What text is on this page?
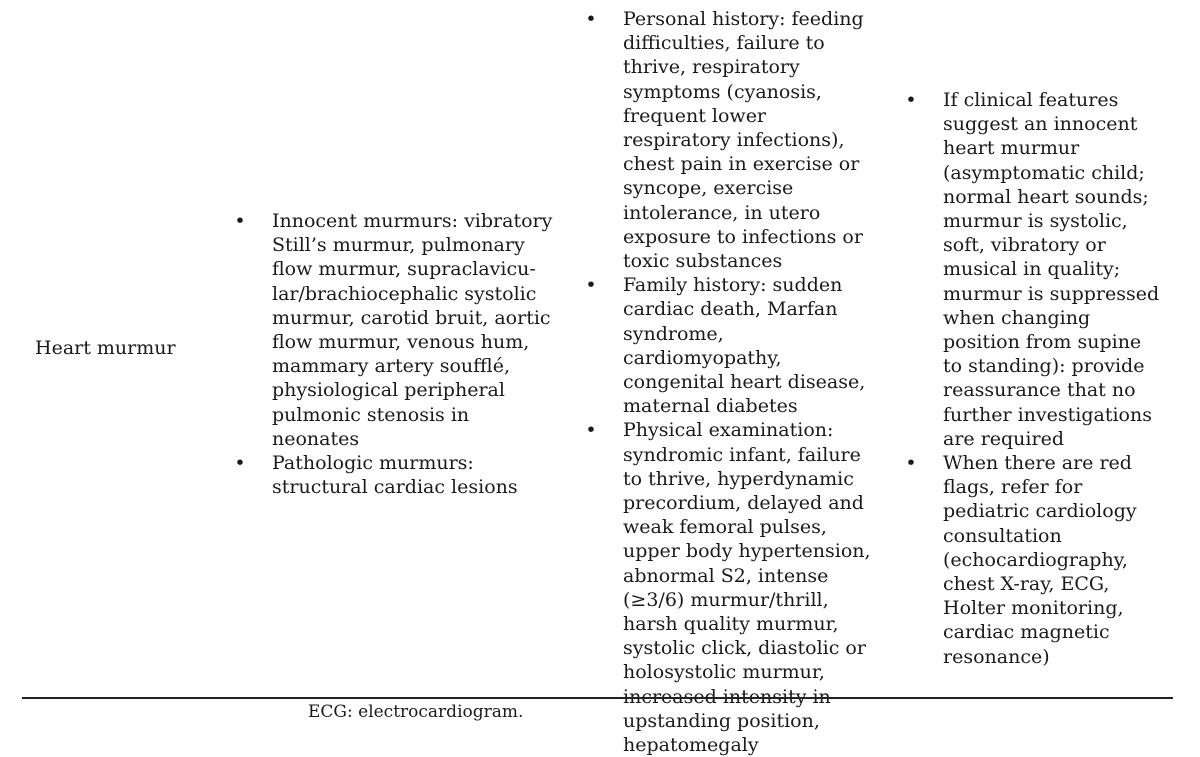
Heart murmur

• Innocent murmurs: vibratory Still’s murmur, pulmonary flow murmur, supraclavicu-lar/brachiocephalic systolic murmur, carotid bruit, aortic flow murmur, venous hum, mammary artery soufflé, physiological peripheral pulmonic stenosis in neonates
• Pathologic murmurs: structural cardiac lesions
• Personal history: feeding difficulties, failure to thrive, respiratory symptoms (cyanosis, frequent lower respiratory infections), chest pain in exercise or syncope, exercise intolerance, in utero exposure to infections or toxic substances
• Family history: sudden cardiac death, Marfan syndrome, cardiomyopathy, congenital heart disease, maternal diabetes
• Physical examination: syndromic infant, failure to thrive, hyperdynamic precordium, delayed and weak femoral pulses, upper body hypertension, abnormal S2, intense (≥3/6) murmur/thrill, harsh quality murmur, systolic click, diastolic or holosystolic murmur, increased intensity in upstanding position, hepatomegaly
• If clinical features suggest an innocent heart murmur (asymptomatic child; normal heart sounds; murmur is systolic, soft, vibratory or musical in quality; murmur is suppressed when changing position from supine to standing): provide reassurance that no further investigations are required
• When there are red flags, refer for pediatric cardiology consultation (echocardiography, chest X-ray, ECG, Holter monitoring, cardiac magnetic resonance)

ECG: electrocardiogram.
